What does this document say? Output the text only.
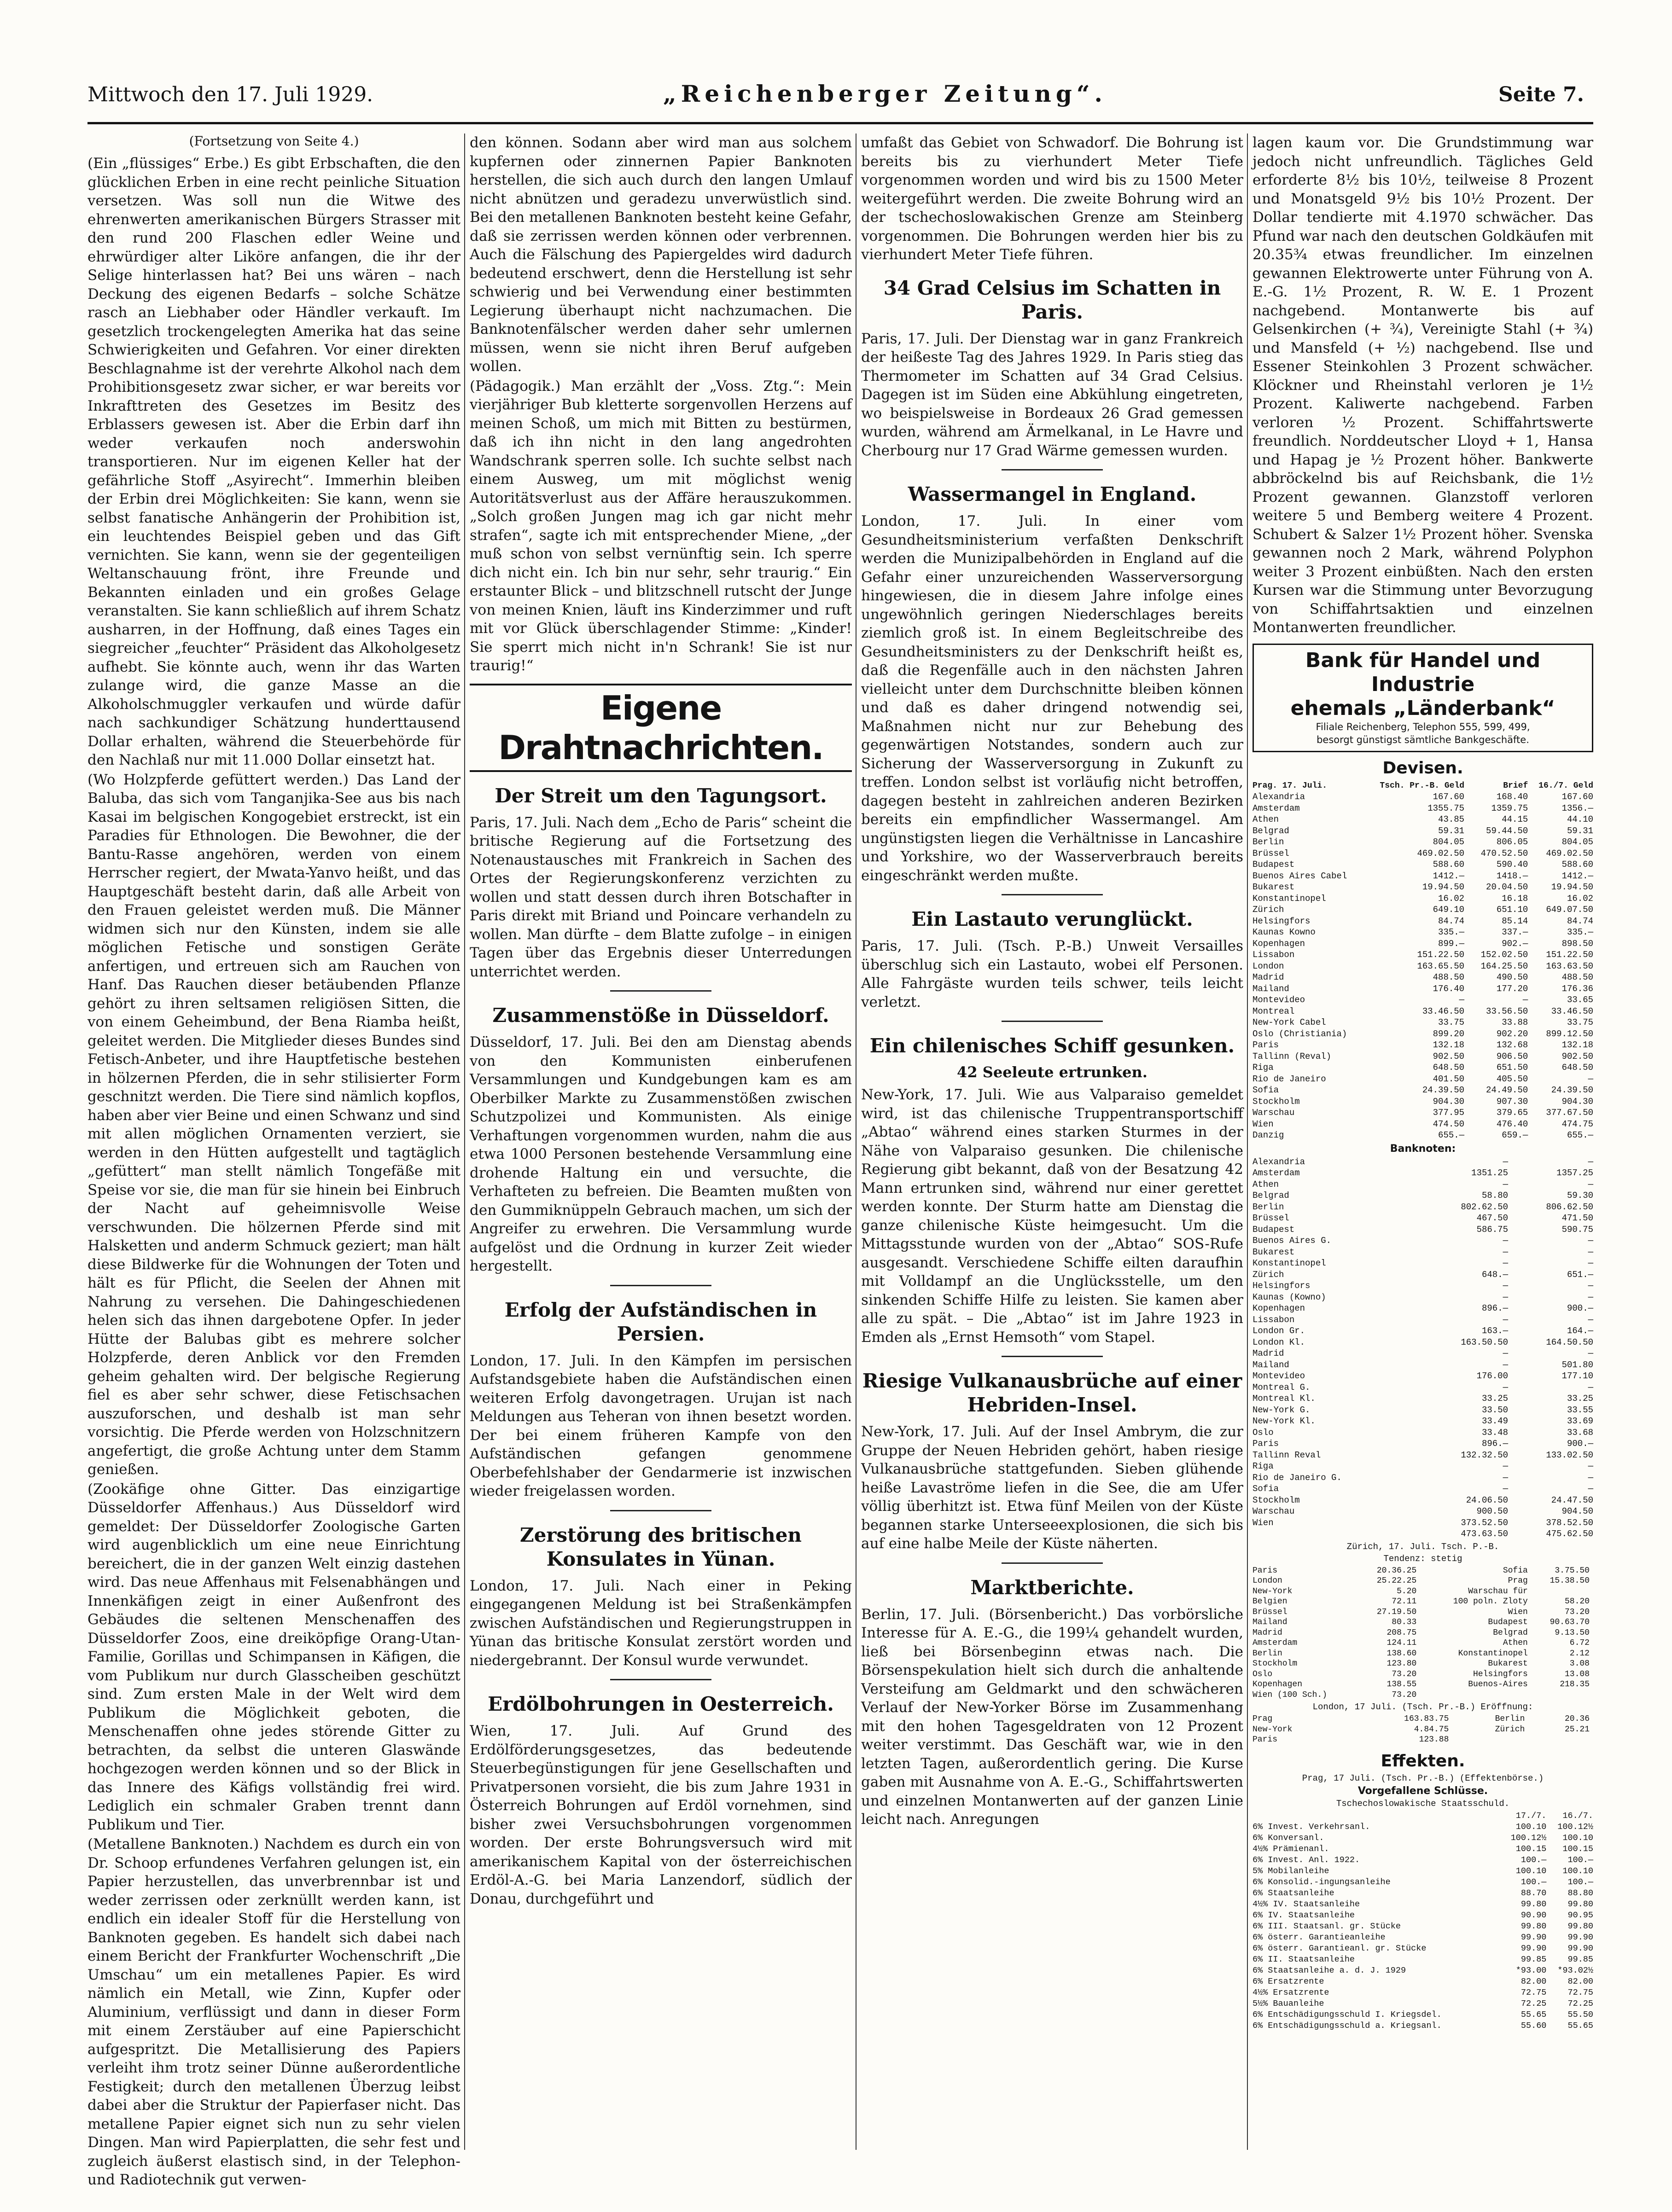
Mittwoch den 17. Juli 1929.	„Reichenberger Zeitung“.	Seite 7.
(Fortsetzung von Seite 4.)

(Ein „flüssiges“ Erbe.) Es gibt Erbschaften, die den glücklichen Erben in eine recht peinliche Situation versetzen. Was soll nun die Witwe des ehrenwerten amerikanischen Bürgers Strasser mit den rund 200 Flaschen edler Weine und ehrwürdiger alter Liköre anfangen, die ihr der Selige hinterlassen hat? Bei uns wären – nach Deckung des eigenen Bedarfs – solche Schätze rasch an Liebhaber oder Händler verkauft. Im gesetzlich trockengelegten Amerika hat das seine Schwierigkeiten und Gefahren. Vor einer direkten Beschlagnahme ist der verehrte Alkohol nach dem Prohibitionsgesetz zwar sicher, er war bereits vor Inkrafttreten des Gesetzes im Besitz des Erblassers gewesen ist. Aber die Erbin darf ihn weder verkaufen noch anderswohin transportieren. Nur im eigenen Keller hat der gefährliche Stoff „Asyirecht“. Immerhin bleiben der Erbin drei Möglichkeiten: Sie kann, wenn sie selbst fanatische Anhängerin der Prohibition ist, ein leuchtendes Beispiel geben und das Gift vernichten. Sie kann, wenn sie der gegenteiligen Weltanschauung frönt, ihre Freunde und Bekannten einladen und ein großes Gelage veranstalten. Sie kann schließlich auf ihrem Schatz ausharren, in der Hoffnung, daß eines Tages ein siegreicher „feuchter“ Präsident das Alkoholgesetz aufhebt. Sie könnte auch, wenn ihr das Warten zulange wird, die ganze Masse an die Alkoholschmuggler verkaufen und würde dafür nach sachkundiger Schätzung hunderttausend Dollar erhalten, während die Steuerbehörde für den Nachlaß nur mit 11.000 Dollar einsetzt hat.

(Wo Holzpferde gefüttert werden.) Das Land der Baluba, das sich vom Tanganjika-See aus bis nach Kasai im belgischen Kongogebiet erstreckt, ist ein Paradies für Ethnologen. Die Bewohner, die der Bantu-Rasse angehören, werden von einem Herrscher regiert, der Mwata-Yanvo heißt, und das Hauptgeschäft besteht darin, daß alle Arbeit von den Frauen geleistet werden muß. Die Männer widmen sich nur den Künsten, indem sie alle möglichen Fetische und sonstigen Geräte anfertigen, und ertreuen sich am Rauchen von Hanf. Das Rauchen dieser betäubenden Pflanze gehört zu ihren seltsamen religiösen Sitten, die von einem Geheimbund, der Bena Riamba heißt, geleitet werden. Die Mitglieder dieses Bundes sind Fetisch-Anbeter, und ihre Hauptfetische bestehen in hölzernen Pferden, die in sehr stilisierter Form geschnitzt werden. Die Tiere sind nämlich kopflos, haben aber vier Beine und einen Schwanz und sind mit allen möglichen Ornamenten verziert, sie werden in den Hütten aufgestellt und tagtäglich „gefüttert“ man stellt nämlich Tongefäße mit Speise vor sie, die man für sie hinein bei Einbruch der Nacht auf geheimnisvolle Weise verschwunden. Die hölzernen Pferde sind mit Halsketten und anderm Schmuck geziert; man hält diese Bildwerke für die Wohnungen der Toten und hält es für Pflicht, die Seelen der Ahnen mit Nahrung zu versehen. Die Dahingeschiedenen helen sich das ihnen dargebotene Opfer. In jeder Hütte der Balubas gibt es mehrere solcher Holzpferde, deren Anblick vor den Fremden geheim gehalten wird. Der belgische Regierung fiel es aber sehr schwer, diese Fetischsachen auszuforschen, und deshalb ist man sehr vorsichtig. Die Pferde werden von Holzschnitzern angefertigt, die große Achtung unter dem Stamm genießen.

(Zookäfige ohne Gitter. Das einzigartige Düsseldorfer Affenhaus.) Aus Düsseldorf wird gemeldet: Der Düsseldorfer Zoologische Garten wird augenblicklich um eine neue Einrichtung bereichert, die in der ganzen Welt einzig dastehen wird. Das neue Affenhaus mit Felsenabhängen und Innenkäfigen zeigt in einer Außenfront des Gebäudes die seltenen Menschenaffen des Düsseldorfer Zoos, eine dreiköpfige Orang-Utan-Familie, Gorillas und Schimpansen in Käfigen, die vom Publikum nur durch Glasscheiben geschützt sind. Zum ersten Male in der Welt wird dem Publikum die Möglichkeit geboten, die Menschenaffen ohne jedes störende Gitter zu betrachten, da selbst die unteren Glaswände hochgezogen werden können und so der Blick in das Innere des Käfigs vollständig frei wird. Lediglich ein schmaler Graben trennt dann Publikum und Tier.

(Metallene Banknoten.) Nachdem es durch ein von Dr. Schoop erfundenes Verfahren gelungen ist, ein Papier herzustellen, das unverbrennbar ist und weder zerrissen oder zerknüllt werden kann, ist endlich ein idealer Stoff für die Herstellung von Banknoten gegeben. Es handelt sich dabei nach einem Bericht der Frankfurter Wochenschrift „Die Umschau“ um ein metallenes Papier. Es wird nämlich ein Metall, wie Zinn, Kupfer oder Aluminium, verflüssigt und dann in dieser Form mit einem Zerstäuber auf eine Papierschicht aufgespritzt. Die Metallisierung des Papiers verleiht ihm trotz seiner Dünne außerordentliche Festigkeit; durch den metallenen Überzug leibst dabei aber die Struktur der Papierfaser nicht. Das metallene Papier eignet sich nun zu sehr vielen Dingen. Man wird Papierplatten, die sehr fest und zugleich äußerst elastisch sind, in der Telephon- und Radiotechnik gut verwen-

den können. Sodann aber wird man aus solchem kupfernen oder zinnernen Papier Banknoten herstellen, die sich auch durch den langen Umlauf nicht abnützen und geradezu unverwüstlich sind. Bei den metallenen Banknoten besteht keine Gefahr, daß sie zerrissen werden können oder verbrennen. Auch die Fälschung des Papiergeldes wird dadurch bedeutend erschwert, denn die Herstellung ist sehr schwierig und bei Verwendung einer bestimmten Legierung überhaupt nicht nachzumachen. Die Banknotenfälscher werden daher sehr umlernen müssen, wenn sie nicht ihren Beruf aufgeben wollen.

(Pädagogik.) Man erzählt der „Voss. Ztg.“: Mein vierjähriger Bub kletterte sorgenvollen Herzens auf meinen Schoß, um mich mit Bitten zu bestürmen, daß ich ihn nicht in den lang angedrohten Wandschrank sperren solle. Ich suchte selbst nach einem Ausweg, um mit möglichst wenig Autoritätsverlust aus der Affäre herauszukommen. „Solch großen Jungen mag ich gar nicht mehr strafen“, sagte ich mit entsprechender Miene, „der muß schon von selbst vernünftig sein. Ich sperre dich nicht ein. Ich bin nur sehr, sehr traurig.“ Ein erstaunter Blick – und blitzschnell rutscht der Junge von meinen Knien, läuft ins Kinderzimmer und ruft mit vor Glück überschlagender Stimme: „Kinder! Sie sperrt mich nicht in'n Schrank! Sie ist nur traurig!“

Eigene Drahtnachrichten.
Der Streit um den Tagungsort.

Paris, 17. Juli. Nach dem „Echo de Paris“ scheint die britische Regierung auf die Fortsetzung des Notenaustausches mit Frankreich in Sachen des Ortes der Regierungskonferenz verzichten zu wollen und statt dessen durch ihren Botschafter in Paris direkt mit Briand und Poincare verhandeln zu wollen. Man dürfte – dem Blatte zufolge – in einigen Tagen über das Ergebnis dieser Unterredungen unterrichtet werden.

Zusammenstöße in Düsseldorf.

Düsseldorf, 17. Juli. Bei den am Dienstag abends von den Kommunisten einberufenen Versammlungen und Kundgebungen kam es am Oberbilker Markte zu Zusammenstößen zwischen Schutzpolizei und Kommunisten. Als einige Verhaftungen vorgenommen wurden, nahm die aus etwa 1000 Personen bestehende Versammlung eine drohende Haltung ein und versuchte, die Verhafteten zu befreien. Die Beamten mußten von den Gummiknüppeln Gebrauch machen, um sich der Angreifer zu erwehren. Die Versammlung wurde aufgelöst und die Ordnung in kurzer Zeit wieder hergestellt.

Erfolg der Aufständischen in Persien.

London, 17. Juli. In den Kämpfen im persischen Aufstandsgebiete haben die Aufständischen einen weiteren Erfolg davongetragen. Urujan ist nach Meldungen aus Teheran von ihnen besetzt worden. Der bei einem früheren Kampfe von den Aufständischen gefangen genommene Oberbefehlshaber der Gendarmerie ist inzwischen wieder freigelassen worden.

Zerstörung des britischen Konsulates in Yünan.

London, 17. Juli. Nach einer in Peking eingegangenen Meldung ist bei Straßenkämpfen zwischen Aufständischen und Regierungstruppen in Yünan das britische Konsulat zerstört worden und niedergebrannt. Der Konsul wurde verwundet.

Erdölbohrungen in Oesterreich.

Wien, 17. Juli. Auf Grund des Erdölförderungsgesetzes, das bedeutende Steuerbegünstigungen für jene Gesellschaften und Privatpersonen vorsieht, die bis zum Jahre 1931 in Österreich Bohrungen auf Erdöl vornehmen, sind bisher zwei Versuchsbohrungen vorgenommen worden. Der erste Bohrungsversuch wird mit amerikanischem Kapital von der österreichischen Erdöl-A.-G. bei Maria Lanzendorf, südlich der Donau, durchgeführt und

umfaßt das Gebiet von Schwadorf. Die Bohrung ist bereits bis zu vierhundert Meter Tiefe vorgenommen worden und wird bis zu 1500 Meter weitergeführt werden. Die zweite Bohrung wird an der tschechoslowakischen Grenze am Steinberg vorgenommen. Die Bohrungen werden hier bis zu vierhundert Meter Tiefe führen.

34 Grad Celsius im Schatten in Paris.

Paris, 17. Juli. Der Dienstag war in ganz Frankreich der heißeste Tag des Jahres 1929. In Paris stieg das Thermometer im Schatten auf 34 Grad Celsius. Dagegen ist im Süden eine Abkühlung eingetreten, wo beispielsweise in Bordeaux 26 Grad gemessen wurden, während am Ärmelkanal, in Le Havre und Cherbourg nur 17 Grad Wärme gemessen wurden.

Wassermangel in England.

London, 17. Juli. In einer vom Gesundheitsministerium verfaßten Denkschrift werden die Munizipalbehörden in England auf die Gefahr einer unzureichenden Wasserversorgung hingewiesen, die in diesem Jahre infolge eines ungewöhnlich geringen Niederschlages bereits ziemlich groß ist. In einem Begleitschreibe des Gesundheitsministers zu der Denkschrift heißt es, daß die Regenfälle auch in den nächsten Jahren vielleicht unter dem Durchschnitte bleiben können und daß es daher dringend notwendig sei, Maßnahmen nicht nur zur Behebung des gegenwärtigen Notstandes, sondern auch zur Sicherung der Wasserversorgung in Zukunft zu treffen. London selbst ist vorläufig nicht betroffen, dagegen besteht in zahlreichen anderen Bezirken bereits ein empfindlicher Wassermangel. Am ungünstigsten liegen die Verhältnisse in Lancashire und Yorkshire, wo der Wasserverbrauch bereits eingeschränkt werden mußte.

Ein Lastauto verunglückt.

Paris, 17. Juli. (Tsch. P.-B.) Unweit Versailles überschlug sich ein Lastauto, wobei elf Personen. Alle Fahrgäste wurden teils schwer, teils leicht verletzt.

Ein chilenisches Schiff gesunken.
42 Seeleute ertrunken.

New-York, 17. Juli. Wie aus Valparaiso gemeldet wird, ist das chilenische Truppentransportschiff „Abtao“ während eines starken Sturmes in der Nähe von Valparaiso gesunken. Die chilenische Regierung gibt bekannt, daß von der Besatzung 42 Mann ertrunken sind, während nur einer gerettet werden konnte. Der Sturm hatte am Dienstag die ganze chilenische Küste heimgesucht. Um die Mittagsstunde wurden von der „Abtao“ SOS-Rufe ausgesandt. Verschiedene Schiffe eilten daraufhin mit Volldampf an die Unglücksstelle, um den sinkenden Schiffe Hilfe zu leisten. Sie kamen aber alle zu spät. – Die „Abtao“ ist im Jahre 1923 in Emden als „Ernst Hemsoth“ vom Stapel.

Riesige Vulkanausbrüche auf einer Hebriden-Insel.

New-York, 17. Juli. Auf der Insel Ambrym, die zur Gruppe der Neuen Hebriden gehört, haben riesige Vulkanausbrüche stattgefunden. Sieben glühende heiße Lavaströme liefen in die See, die am Ufer völlig überhitzt ist. Etwa fünf Meilen von der Küste begannen starke Unterseeexplosionen, die sich bis auf eine halbe Meile der Küste näherten.

Marktberichte.

Berlin, 17. Juli. (Börsenbericht.) Das vorbörsliche Interesse für A. E.-G., die 199¼ gehandelt wurden, ließ bei Börsenbeginn etwas nach. Die Börsenspekulation hielt sich durch die anhaltende Versteifung am Geldmarkt und den schwächeren Verlauf der New-Yorker Börse im Zusammenhang mit den hohen Tagesgeldraten von 12 Prozent weiter verstimmt. Das Geschäft war, wie in den letzten Tagen, außerordentlich gering. Die Kurse gaben mit Ausnahme von A. E.-G., Schiffahrtswerten und einzelnen Montanwerten auf der ganzen Linie leicht nach. Anregungen

lagen kaum vor. Die Grundstimmung war jedoch nicht unfreundlich. Tägliches Geld erforderte 8½ bis 10½, teilweise 8 Prozent und Monatsgeld 9½ bis 10½ Prozent. Der Dollar tendierte mit 4.1970 schwächer. Das Pfund war nach den deutschen Goldkäufen mit 20.35¾ etwas freundlicher. Im einzelnen gewannen Elektrowerte unter Führung von A. E.-G. 1½ Prozent, R. W. E. 1 Prozent nachgebend. Montanwerte bis auf Gelsenkirchen (+ ¾), Vereinigte Stahl (+ ¾) und Mansfeld (+ ½) nachgebend. Ilse und Essener Steinkohlen 3 Prozent schwächer. Klöckner und Rheinstahl verloren je 1½ Prozent. Kaliwerte nachgebend. Farben verloren ½ Prozent. Schiffahrtswerte freundlich. Norddeutscher Lloyd + 1, Hansa und Hapag je ½ Prozent höher. Bankwerte abbröckelnd bis auf Reichsbank, die 1½ Prozent gewannen. Glanzstoff verloren weitere 5 und Bemberg weitere 4 Prozent. Schubert & Salzer 1½ Prozent höher. Svenska gewannen noch 2 Mark, während Polyphon weiter 3 Prozent einbüßten. Nach den ersten Kursen war die Stimmung unter Bevorzugung von Schiffahrtsaktien und einzelnen Montanwerten freundlicher.

Bank für Handel und Industrie
ehemals „Länderbank“
Filiale Reichenberg, Telephon 555, 599, 499,
besorgt günstigst sämtliche Bankgeschäfte.
Devisen.
Prag. 17. Juli.	Tsch. Pr.-B. Geld	Brief	16./7. Geld
Alexandria	167.60	168.40	167.60
Amsterdam	1355.75	1359.75	1356.—
Athen	43.85	44.15	44.10
Belgrad	59.31	59.44.50	59.31
Berlin	804.05	806.05	804.05
Brüssel	469.02.50	470.52.50	469.02.50
Budapest	588.60	590.40	588.60
Buenos Aires Cabel	1412.—	1418.—	1412.—
Bukarest	19.94.50	20.04.50	19.94.50
Konstantinopel	16.02	16.18	16.02
Zürich	649.10	651.10	649.07.50
Helsingfors	84.74	85.14	84.74
Kaunas Kowno	335.—	337.—	335.—
Kopenhagen	899.—	902.—	898.50
Lissabon	151.22.50	152.02.50	151.22.50
London	163.65.50	164.25.50	163.63.50
Madrid	488.50	490.50	488.50
Mailand	176.40	177.20	176.36
Montevideo	—	—	33.65
Montreal	33.46.50	33.56.50	33.46.50
New-York Cabel	33.75	33.88	33.75
Oslo (Christiania)	899.20	902.20	899.12.50
Paris	132.18	132.68	132.18
Tallinn (Reval)	902.50	906.50	902.50
Riga	648.50	651.50	648.50
Rio de Janeiro	401.50	405.50	—
Sofia	24.39.50	24.49.50	24.39.50
Stockholm	904.30	907.30	904.30
Warschau	377.95	379.65	377.67.50
Wien	474.50	476.40	474.75
Danzig	655.—	659.—	655.—
Banknoten:
Alexandria	—	—
Amsterdam	1351.25	1357.25
Athen	—	—
Belgrad	58.80	59.30
Berlin	802.62.50	806.62.50
Brüssel	467.50	471.50
Budapest	586.75	590.75
Buenos Aires G.	—	—
Bukarest	—	—
Konstantinopel	—	—
Zürich	648.—	651.—
Helsingfors	—	—
Kaunas (Kowno)	—	—
Kopenhagen	896.—	900.—
Lissabon	—	—
London Gr.	163.—	164.—
London Kl.	163.50.50	164.50.50
Madrid	—	—
Mailand	—	501.80
Montevideo	176.00	177.10
Montreal G.	—	—
Montreal Kl.	33.25	33.25
New-York G.	33.50	33.55
New-York Kl.	33.49	33.69
Oslo	33.48	33.68
Paris	896.—	900.—
Tallinn Reval	132.32.50	133.02.50
Riga	—	—
Rio de Janeiro G.	—	—
Sofia	—	—
Stockholm	24.06.50	24.47.50
Warschau	900.50	904.50
Wien	373.52.50	378.52.50
	473.63.50	475.62.50
Zürich, 17. Juli. Tsch. P.-B.
Tendenz: stetig
Paris	20.36.25	Sofia	3.75.50
London	25.22.25	Prag	15.38.50
New-York	5.20	Warschau für	
Belgien	72.11	100 poln. Zloty	58.20
Brüssel	27.19.50	Wien	73.20
Mailand	80.33	Budapest	90.63.70
Madrid	208.75	Belgrad	9.13.50
Amsterdam	124.11	Athen	6.72
Berlin	138.60	Konstantinopel	2.12
Stockholm	123.80	Bukarest	3.08
Oslo	73.20	Helsingfors	13.08
Kopenhagen	138.55	Buenos-Aires	218.35
Wien (100 Sch.)	73.20		
London, 17 Juli. (Tsch. Pr.-B.) Eröffnung:
Prag	163.83.75	Berlin	20.36
New-York	4.84.75	Zürich	25.21
Paris	123.88		
Effekten.
Prag, 17 Juli. (Tsch. Pr.-B.) (Effektenbörse.)
Vorgefallene Schlüsse.
Tschechoslowakische Staatsschuld.
	17./7.	16./7.
6% Invest. Verkehrsanl.	100.10	100.12½
6% Konversanl.	100.12½	100.10
4½% Prämienanl.	100.15	100.15
6% Invest. Anl. 1922.	100.—	100.—
5% Mobilanleihe	100.10	100.10
6% Konsolid.-ingungsanleihe	100.—	100.—
6% Staatsanleihe	88.70	88.80
4½% IV. Staatsanleihe	99.80	99.80
6% IV. Staatsanleihe	90.90	90.95
6% III. Staatsanl. gr. Stücke	99.80	99.80
6% österr. Garantieanleihe	99.90	99.90
6% österr. Garantieanl. gr. Stücke	99.90	99.90
6% II. Staatsanleihe	99.85	99.85
6% Staatsanleihe a. d. J. 1929	*93.00	*93.02½
6% Ersatzrente	82.00	82.00
4½% Ersatzrente	72.75	72.75
5½% Bauanleihe	72.25	72.25
6% Entschädigungsschuld I. Kriegsdel.	55.65	55.50
6% Entschädigungsschuld a. Kriegsanl.	55.60	55.65
